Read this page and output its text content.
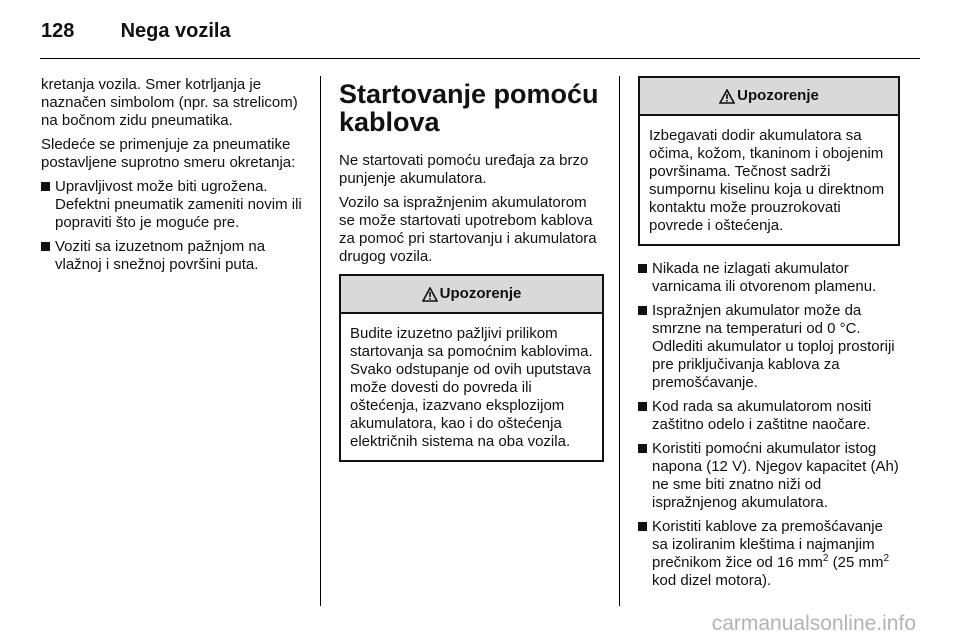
128 Nega vozila

kretanja vozila. Smer kotrljanja je naznačen simbolom (npr. sa strelicom) na bočnom zidu pneumatika.

Sledeće se primenjuje za pneumatike postavljene suprotno smeru okretanja:

Upravljivost može biti ugrožena. Defektni pneumatik zameniti novim ili popraviti što je moguće pre.
Voziti sa izuzetnom pažnjom na vlažnoj i snežnoj površini puta.
Startovanje pomoću kablova

Ne startovati pomoću uređaja za brzo punjenje akumulatora.

Vozilo sa ispražnjenim akumulatorom se može startovati upotrebom kablova za pomoć pri startovanju i akumulatora drugog vozila.

Upozorenje

Budite izuzetno pažljivi prilikom startovanja sa pomoćnim kablovima. Svako odstupanje od ovih uputstava može dovesti do povreda ili oštećenja, izazvano eksplozijom akumulatora, kao i do oštećenja električnih sistema na oba vozila.

Upozorenje

Izbegavati dodir akumulatora sa očima, kožom, tkaninom i obojenim površinama. Tečnost sadrži sumpornu kiselinu koja u direktnom kontaktu može prouzrokovati povrede i oštećenja.

Nikada ne izlagati akumulator varnicama ili otvorenom plamenu.
Ispražnjen akumulator može da smrzne na temperaturi od 0 °C. Odlediti akumulator u toploj prostoriji pre priključivanja kablova za premošćavanje.
Kod rada sa akumulatorom nositi zaštitno odelo i zaštitne naočare.
Koristiti pomoćni akumulator istog napona (12 V). Njegov kapacitet (Ah) ne sme biti znatno niži od ispražnjenog akumulatora.
Koristiti kablove za premošćavanje sa izoliranim kleštima i najmanjim prečnikom žice od 16 $mm^2$ (25 $mm^2$ kod dizel motora).
carmanualsonline.info
